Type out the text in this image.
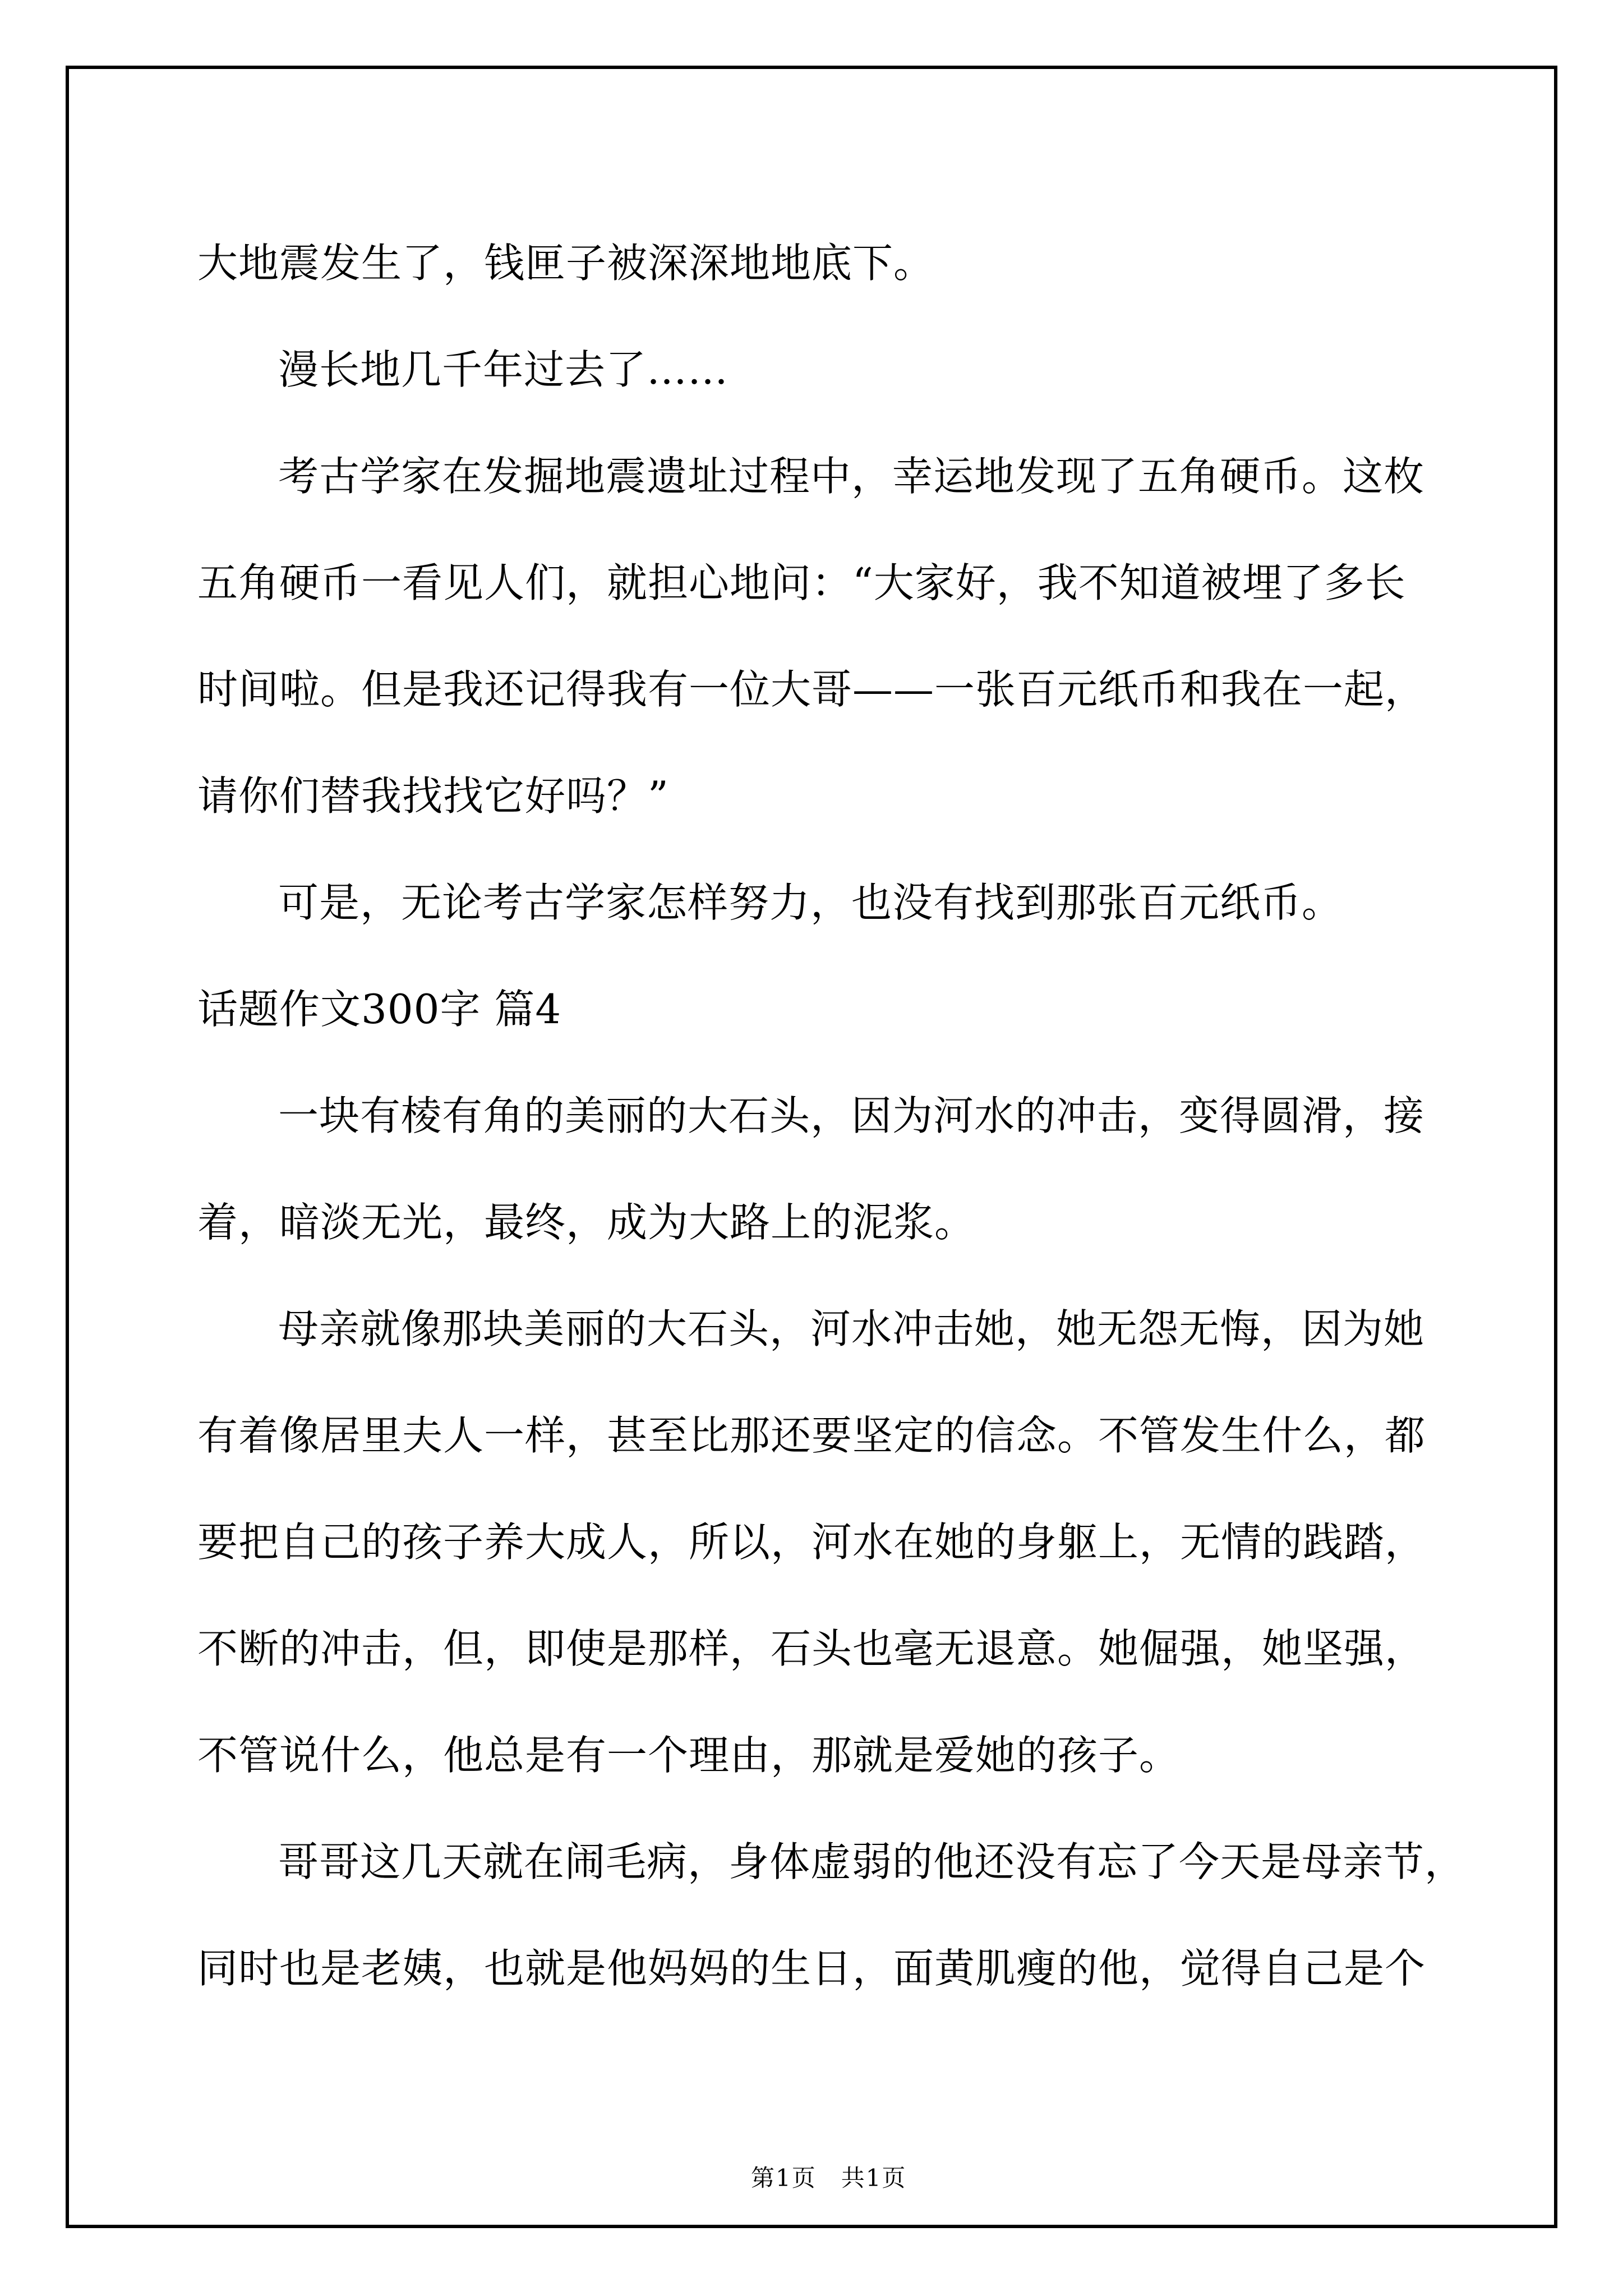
大地震发生了，钱匣子被深深地地底下。
漫长地几千年过去了……
考古学家在发掘地震遗址过程中，幸运地发现了五角硬币。这枚
五角硬币一看见人们，就担心地问：“大家好，我不知道被埋了多长
时间啦。但是我还记得我有一位大哥——一张百元纸币和我在一起，
请你们替我找找它好吗？”
可是，无论考古学家怎样努力，也没有找到那张百元纸币。
话题作文300字 篇4
一块有棱有角的美丽的大石头，因为河水的冲击，变得圆滑，接
着，暗淡无光，最终，成为大路上的泥浆。
母亲就像那块美丽的大石头，河水冲击她，她无怨无悔，因为她
有着像居里夫人一样，甚至比那还要坚定的信念。不管发生什么，都
要把自己的孩子养大成人，所以，河水在她的身躯上，无情的践踏，
不断的冲击，但，即使是那样，石头也毫无退意。她倔强，她坚强，
不管说什么，他总是有一个理由，那就是爱她的孩子。
哥哥这几天就在闹毛病，身体虚弱的他还没有忘了今天是母亲节，
同时也是老姨，也就是他妈妈的生日，面黄肌瘦的他，觉得自己是个

第1页　共1页
